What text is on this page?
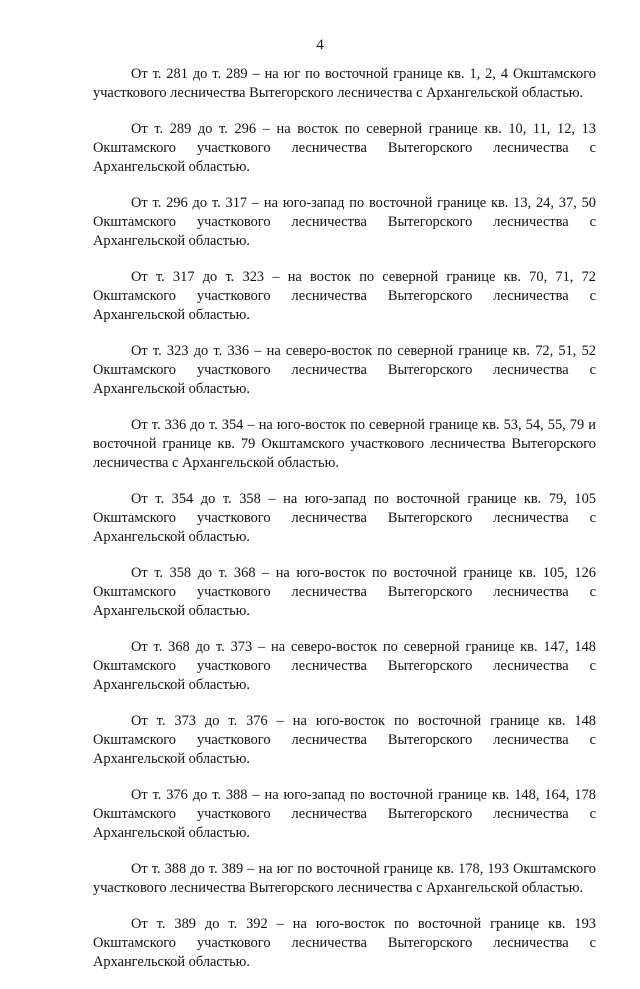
4

От т. 281 до т. 289 – на юг по восточной границе кв. 1, 2, 4 Окштамского участкового лесничества Вытегорского лесничества с Архангельской областью.

От т. 289 до т. 296 – на восток по северной границе кв. 10, 11, 12, 13 Окштамского участкового лесничества Вытегорского лесничества с Архангельской областью.

От т. 296 до т. 317 – на юго-запад по восточной границе кв. 13, 24, 37, 50 Окштамского участкового лесничества Вытегорского лесничества с Архангельской областью.

От т. 317 до т. 323 – на восток по северной границе кв. 70, 71, 72 Окштамского участкового лесничества Вытегорского лесничества с Архангельской областью.

От т. 323 до т. 336 – на северо-восток по северной границе кв. 72, 51, 52 Окштамского участкового лесничества Вытегорского лесничества с Архангельской областью.

От т. 336 до т. 354 – на юго-восток по северной границе кв. 53, 54, 55, 79 и восточной границе кв. 79 Окштамского участкового лесничества Вытегорского лесничества с Архангельской областью.

От т. 354 до т. 358 – на юго-запад по восточной границе кв. 79, 105 Окштамского участкового лесничества Вытегорского лесничества с Архангельской областью.

От т. 358 до т. 368 – на юго-восток по восточной границе кв. 105, 126 Окштамского участкового лесничества Вытегорского лесничества с Архангельской областью.

От т. 368 до т. 373 – на северо-восток по северной границе кв. 147, 148 Окштамского участкового лесничества Вытегорского лесничества с Архангельской областью.

От т. 373 до т. 376 – на юго-восток по восточной границе кв. 148 Окштамского участкового лесничества Вытегорского лесничества с Архангельской областью.

От т. 376 до т. 388 – на юго-запад по восточной границе кв. 148, 164, 178 Окштамского участкового лесничества Вытегорского лесничества с Архангельской областью.

От т. 388 до т. 389 – на юг по восточной границе кв. 178, 193 Окштамского участкового лесничества Вытегорского лесничества с Архангельской областью.

От т. 389 до т. 392 – на юго-восток по восточной границе кв. 193 Окштамского участкового лесничества Вытегорского лесничества с Архангельской областью.
